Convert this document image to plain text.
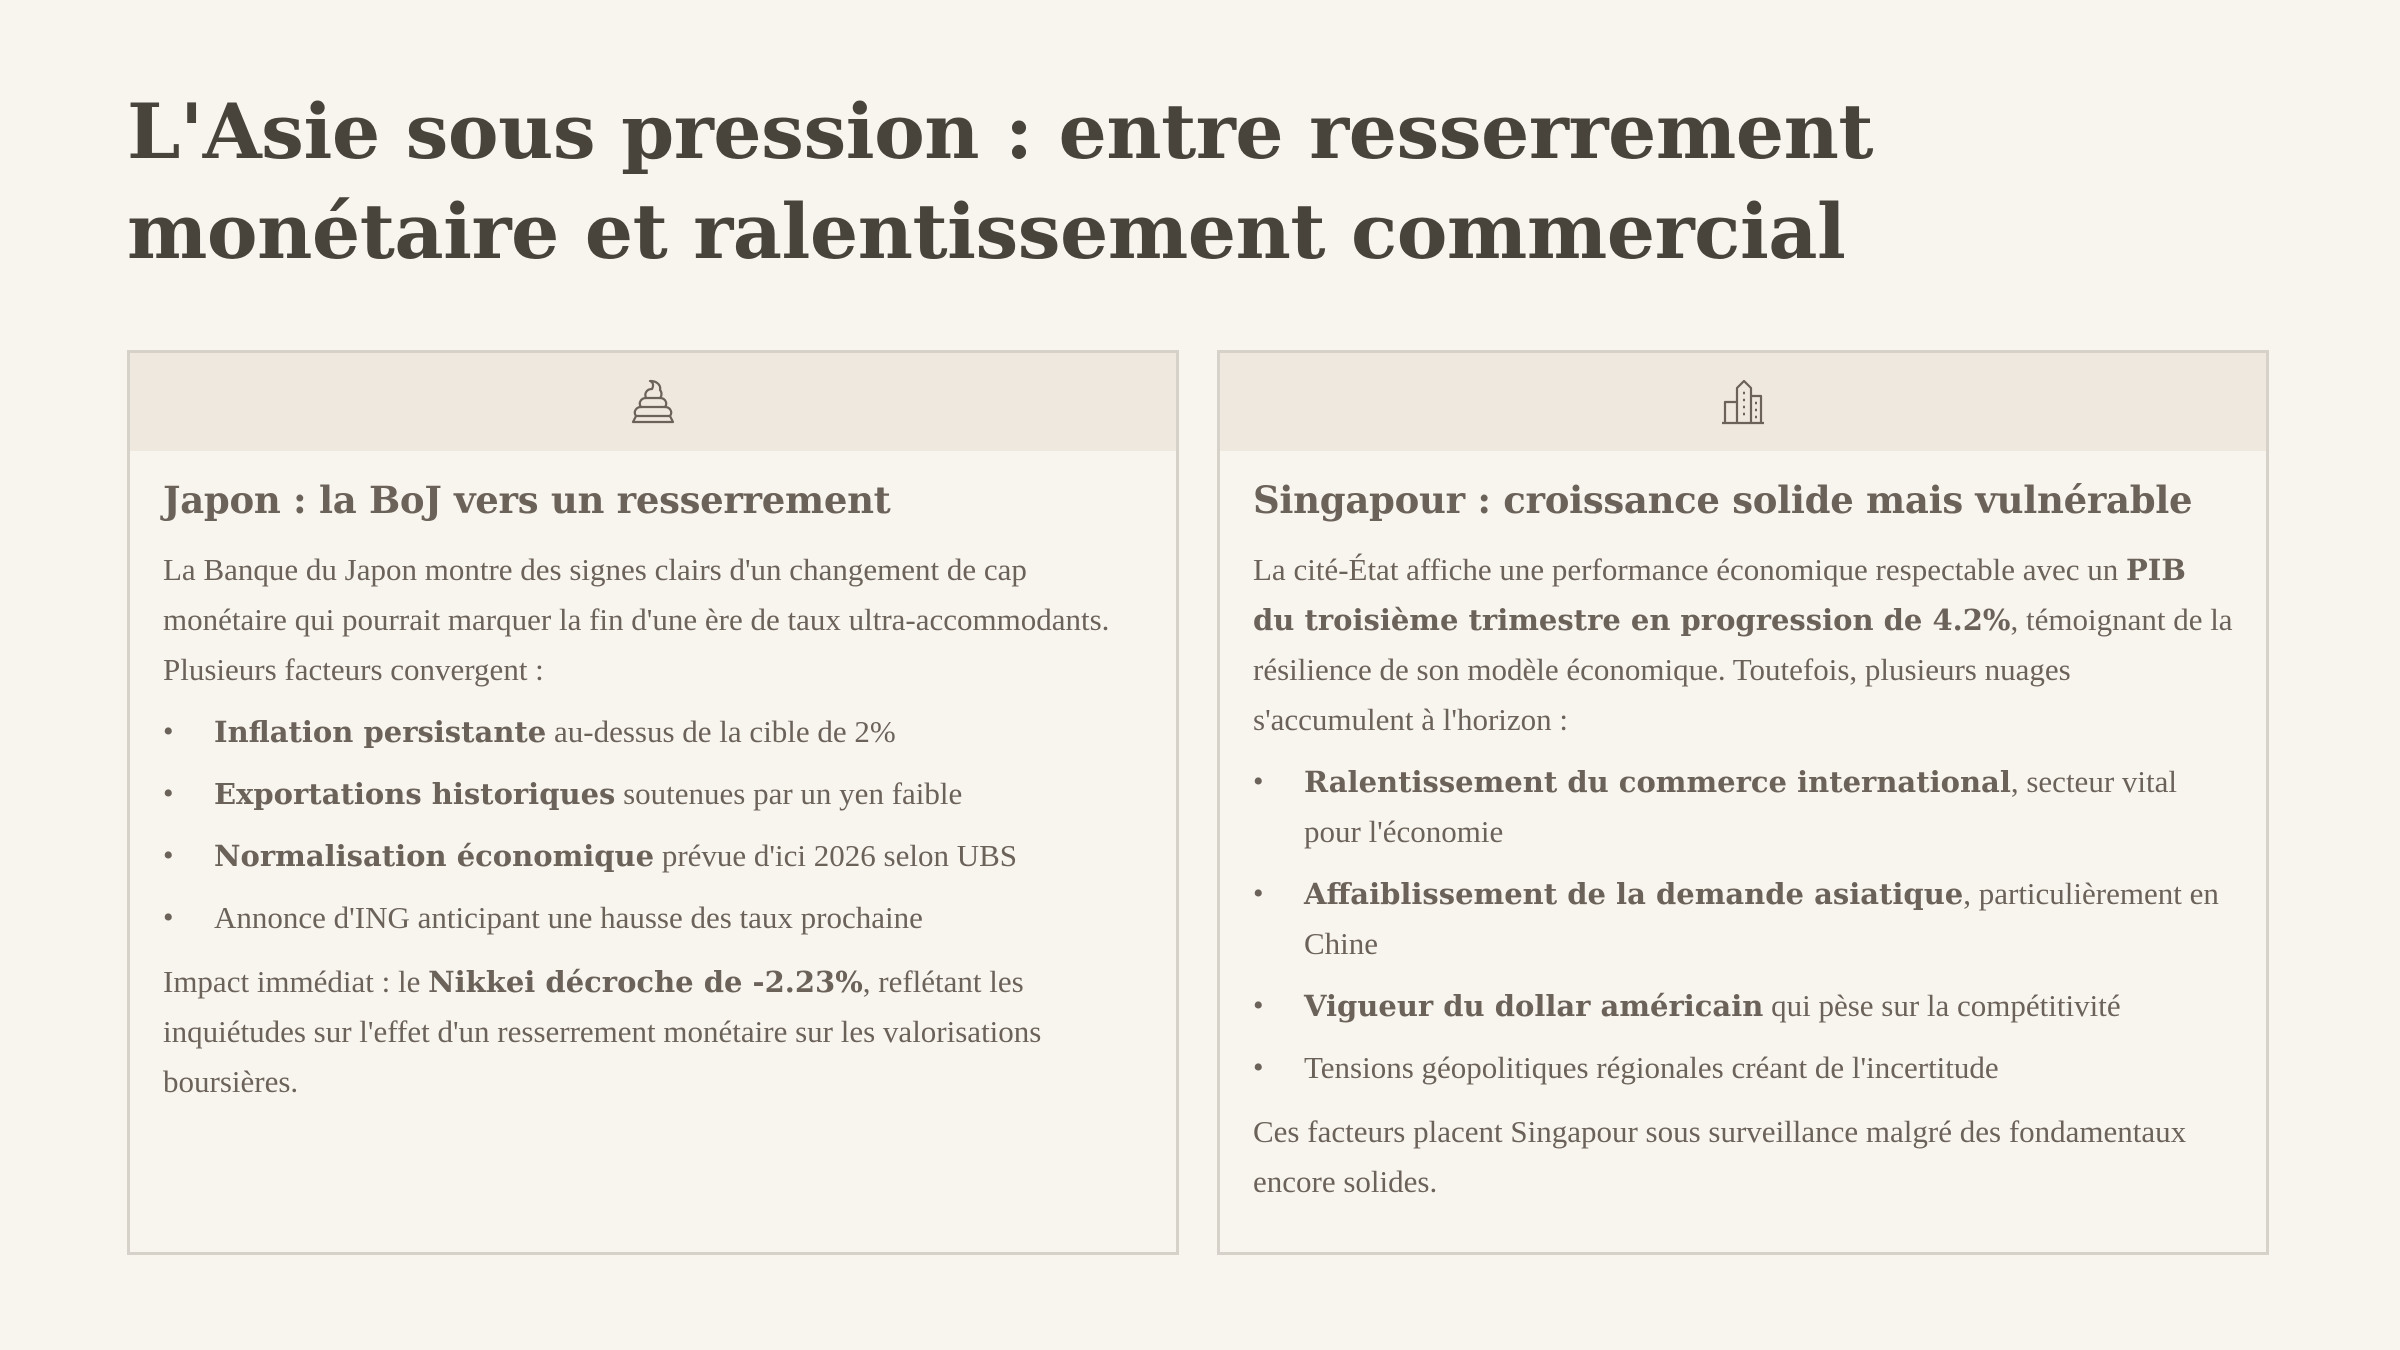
L'Asie sous pression : entre resserrement monétaire et ralentissement commercial
Japon : la BoJ vers un resserrement

La Banque du Japon montre des signes clairs d'un changement de cap monétaire qui pourrait marquer la fin d'une ère de taux ultra-accommodants. Plusieurs facteurs convergent :

• Inflation persistante au-dessus de la cible de 2%
• Exportations historiques soutenues par un yen faible
• Normalisation économique prévue d'ici 2026 selon UBS
• Annonce d'ING anticipant une hausse des taux prochaine

Impact immédiat : le Nikkei décroche de -2.23%, reflétant les inquiétudes sur l'effet d'un resserrement monétaire sur les valorisations boursières.

Singapour : croissance solide mais vulnérable

La cité-État affiche une performance économique respectable avec un PIB du troisième trimestre en progression de 4.2%, témoignant de la résilience de son modèle économique. Toutefois, plusieurs nuages s'accumulent à l'horizon :

• Ralentissement du commerce international, secteur vital pour l'économie
• Affaiblissement de la demande asiatique, particulièrement en Chine
• Vigueur du dollar américain qui pèse sur la compétitivité
• Tensions géopolitiques régionales créant de l'incertitude

Ces facteurs placent Singapour sous surveillance malgré des fondamentaux encore solides.
